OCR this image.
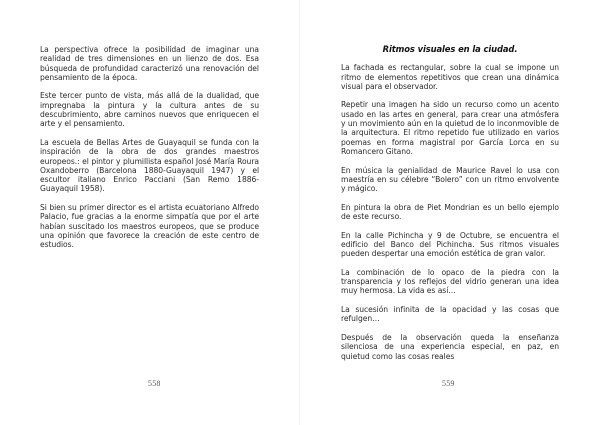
La perspectiva ofrece la posibilidad de imaginar una realidad de tres dimensiones en un lienzo de dos. Esa búsqueda de profundidad caracterizó una renovación del pensamiento de la época.

Este tercer punto de vista, más allá de la dualidad, que impregnaba la pintura y la cultura antes de su descubrimiento, abre caminos nuevos que enriquecen el arte y el pensamiento.

La escuela de Bellas Artes de Guayaquil se funda con la inspiración de la obra de dos grandes maestros europeos.: el pintor y plumillista español José María Roura Oxandoberro (Barcelona 1880-Guayaquil 1947) y el escultor italiano Enrico Pacciani (San Remo 1886- Guayaquil 1958).

Si bien su primer director es el artista ecuatoriano Alfredo Palacio, fue gracias a la enorme simpatía que por el arte habían suscitado los maestros europeos, que se produce una opinión que favorece la creación de este centro de estudios.

558

Ritmos visuales en la ciudad.

La fachada es rectangular, sobre la cual se impone un ritmo de elementos repetitivos que crean una dinámica visual para el observador.

Repetir una imagen ha sido un recurso como un acento usado en las artes en general, para crear una atmósfera y un movimiento aún en la quietud de lo inconmovible de la arquitectura. El ritmo repetido fue utilizado en varios poemas en forma magistral por García Lorca en su Romancero Gitano.

En música la genialidad de Maurice Ravel lo usa con maestría en su célebre “Bolero” con un ritmo envolvente y mágico.

En pintura la obra de Piet Mondrian es un bello ejemplo de este recurso.

En la calle Pichincha y 9 de Octubre, se encuentra el edificio del Banco del Pichincha. Sus ritmos visuales pueden despertar una emoción estética de gran valor.

La combinación de lo opaco de la piedra con la transparencia y los reflejos del vidrio generan una idea muy hermosa. La vida es así…

La sucesión infinita de la opacidad y las cosas que refulgen…

Después de la observación queda la enseñanza silenciosa de una experiencia especial, en paz, en quietud como las cosas reales

559
